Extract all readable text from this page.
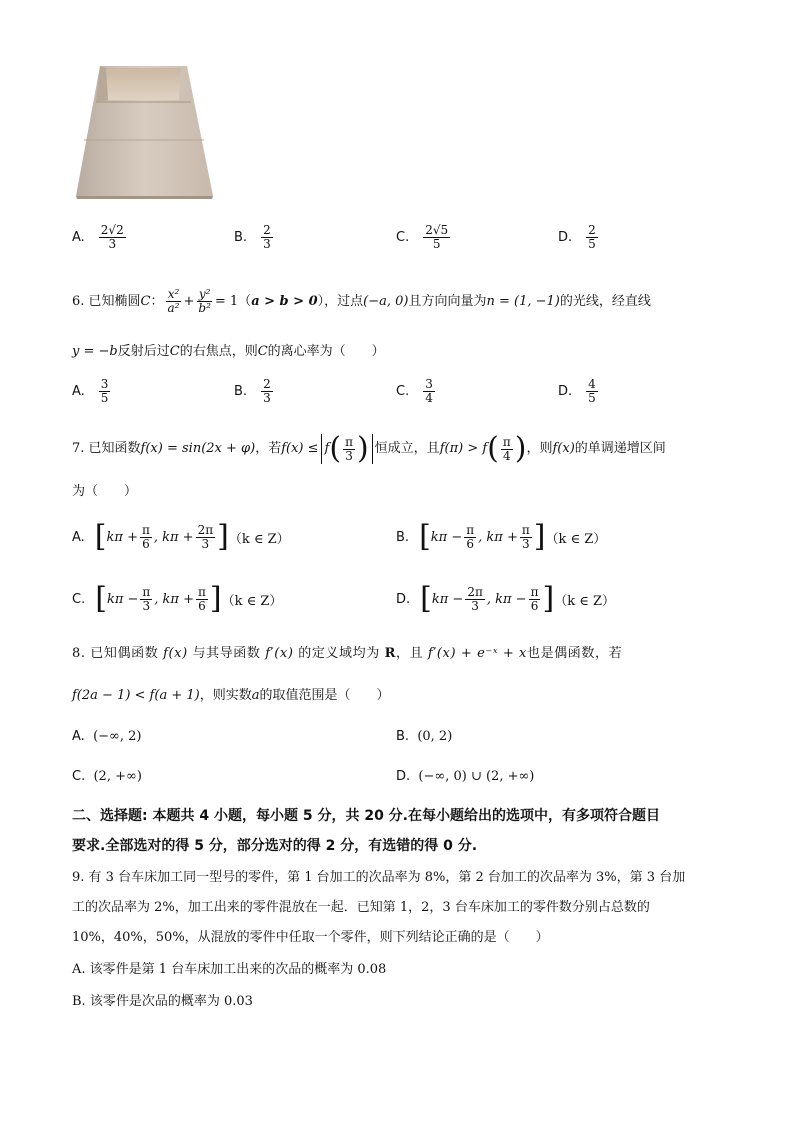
A. $\frac{2√2}{3}$	B. $\frac{2}{3}$	C. $\frac{2√5}{5}$	D. $\frac{2}{5}$
6. 已知椭圆 C ： $\frac{\text{x²}}{\text{a²}} + \frac{\text{y²}}{\text{b²}} = 1$（ a > b > 0 ），过点 (−a, 0) 且方向向量为 n = (1, −1) 的光线，经直线
y = −b反射后过C的右焦点，则C的离心率为（　　）
A. $\frac{3}{5}$	B. $\frac{2}{3}$	C. $\frac{3}{4}$	D. $\frac{4}{5}$
7. 已知函数 f(x) = sin(2x + φ) ，若 f(x) ≤ f ( $\frac{\pi}{3}$ ) 恒成立，且 f(π) > f ( $\frac{\pi}{4}$ ) ，则 f(x) 的单调递增区间
为（　　）
A. [ $k\pi + \frac{\pi}{6}$ , $k\pi + \frac{2\pi}{3}$ ] （k ∈ Z）	B. [ $k\pi - \frac{\pi}{6}$ , $k\pi + \frac{\pi}{3}$ ] （k ∈ Z）
C. [ $k\pi - \frac{\pi}{3}$ , $k\pi + \frac{\pi}{6}$ ] （k ∈ Z）	D. [ $k\pi - \frac{2\pi}{3}$ , $k\pi - \frac{\pi}{6}$ ] （k ∈ Z）
8. 已知偶函数 f(x) 与其导函数 f′(x) 的定义域均为 R，且 f′(x) + e⁻ˣ + x也是偶函数，若
f(2a − 1) < f(a + 1)，则实数a的取值范围是（　　）
A. (−∞, 2)	B. (0, 2)
C. (2, +∞)	D. (−∞, 0) ∪ (2, +∞)
二、选择题: 本题共 4 小题，每小题 5 分，共 20 分.在每小题给出的选项中，有多项符合题目
要求.全部选对的得 5 分，部分选对的得 2 分，有选错的得 0 分.
9. 有 3 台车床加工同一型号的零件，第 1 台加工的次品率为 8%，第 2 台加工的次品率为 3%，第 3 台加
工的次品率为 2%，加工出来的零件混放在一起．已知第 1，2，3 台车床加工的零件数分别占总数的
10%，40%，50%，从混放的零件中任取一个零件，则下列结论正确的是（　　）
A. 该零件是第 1 台车床加工出来的次品的概率为 0.08
B. 该零件是次品的概率为 0.03
